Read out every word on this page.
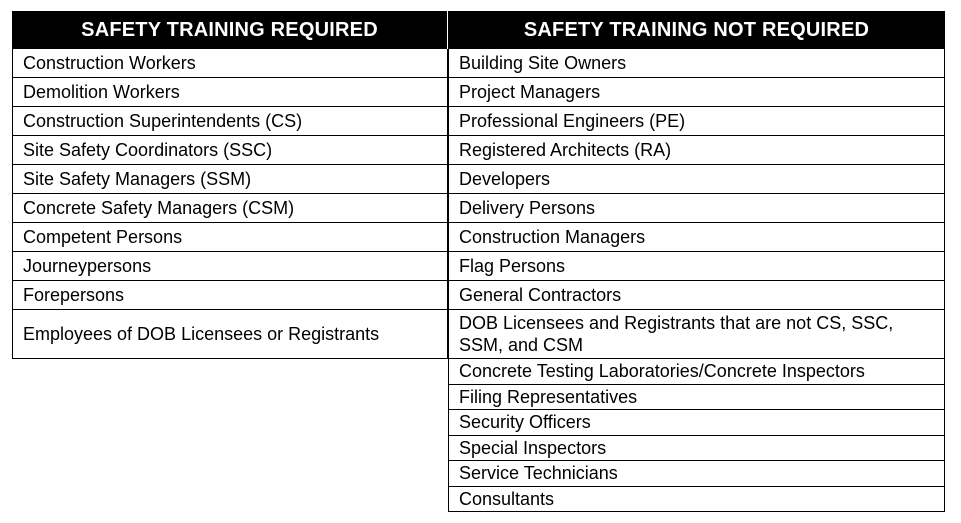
SAFETY TRAINING REQUIRED
Construction Workers
Demolition Workers
Construction Superintendents (CS)
Site Safety Coordinators (SSC)
Site Safety Managers (SSM)
Concrete Safety Managers (CSM)
Competent Persons
Journeypersons
Forepersons
Employees of DOB Licensees or Registrants
SAFETY TRAINING NOT REQUIRED
Building Site Owners
Project Managers
Professional Engineers (PE)
Registered Architects (RA)
Developers
Delivery Persons
Construction Managers
Flag Persons
General Contractors
DOB Licensees and Registrants that are not CS, SSC, SSM, and CSM
Concrete Testing Laboratories/Concrete Inspectors
Filing Representatives
Security Officers
Special Inspectors
Service Technicians
Consultants
